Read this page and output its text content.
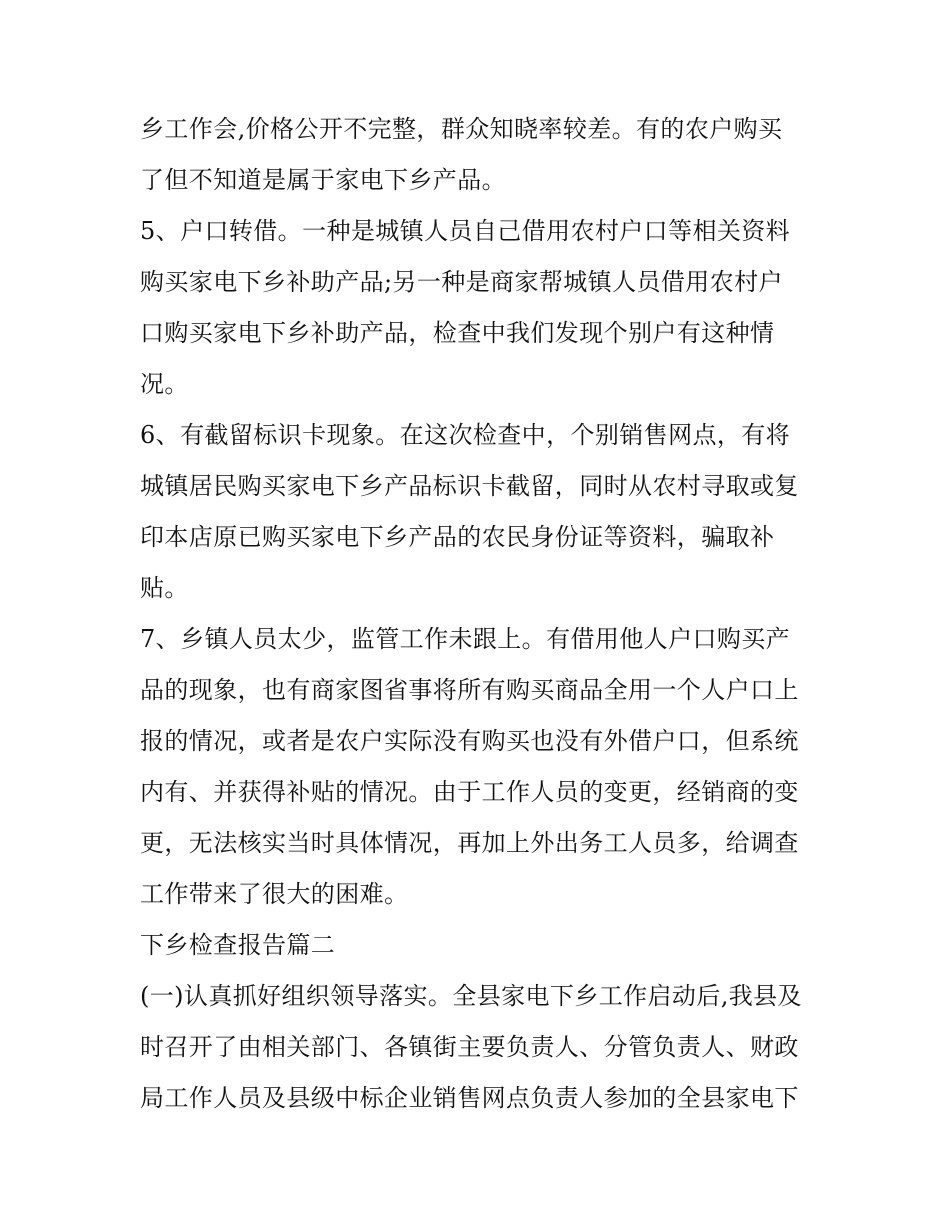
乡工作会,价格公开不完整，群众知晓率较差。有的农户购买
了但不知道是属于家电下乡产品。
5、户口转借。一种是城镇人员自己借用农村户口等相关资料
购买家电下乡补助产品;另一种是商家帮城镇人员借用农村户
口购买家电下乡补助产品，检查中我们发现个别户有这种情
况。
6、有截留标识卡现象。在这次检查中，个别销售网点，有将
城镇居民购买家电下乡产品标识卡截留，同时从农村寻取或复
印本店原已购买家电下乡产品的农民身份证等资料，骗取补
贴。
7、乡镇人员太少，监管工作未跟上。有借用他人户口购买产
品的现象，也有商家图省事将所有购买商品全用一个人户口上
报的情况，或者是农户实际没有购买也没有外借户口，但系统
内有、并获得补贴的情况。由于工作人员的变更，经销商的变
更，无法核实当时具体情况，再加上外出务工人员多，给调查
工作带来了很大的困难。
下乡检查报告篇二
(一)认真抓好组织领导落实。全县家电下乡工作启动后,我县及
时召开了由相关部门、各镇街主要负责人、分管负责人、财政
局工作人员及县级中标企业销售网点负责人参加的全县家电下
